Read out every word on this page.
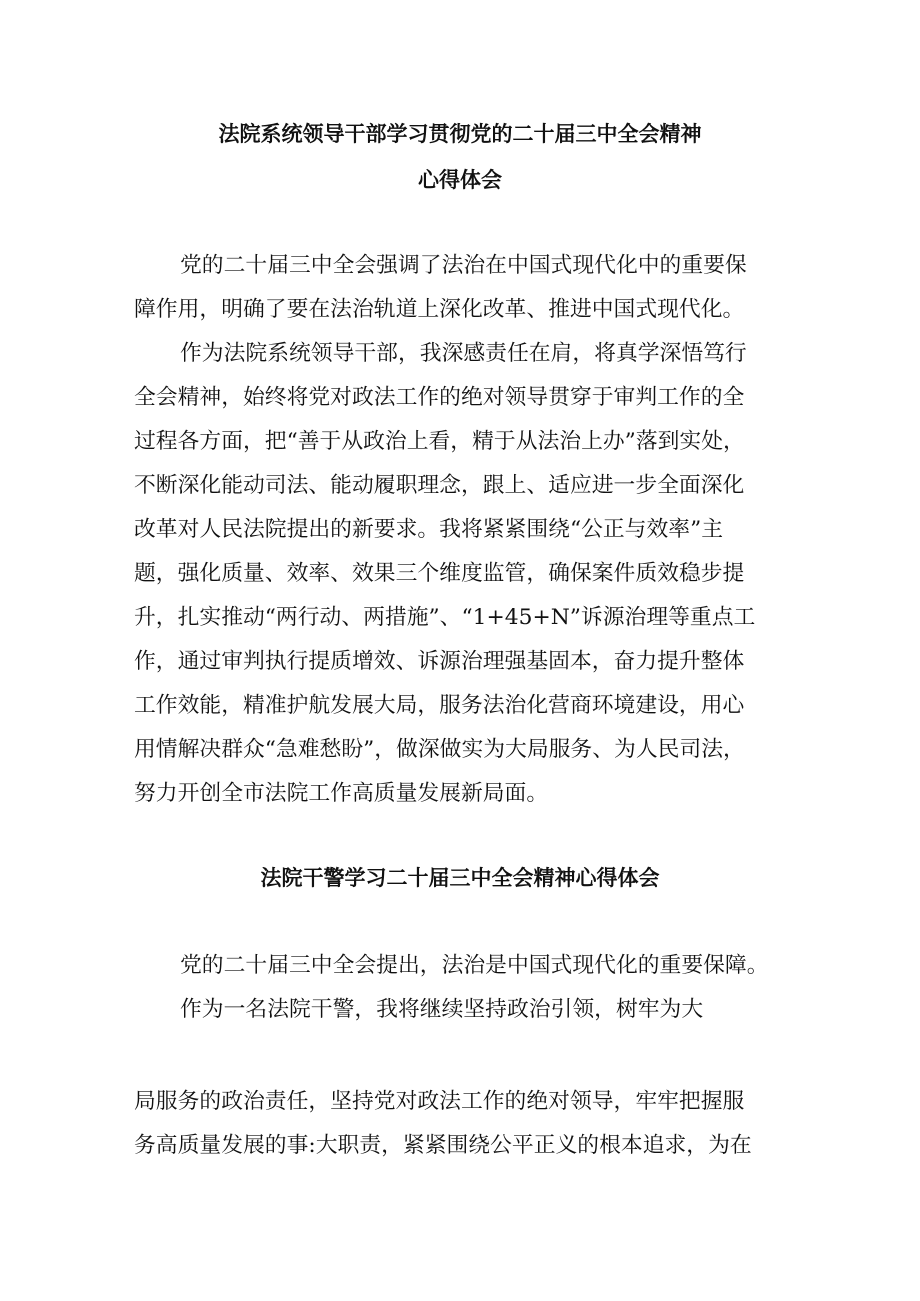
法院系统领导干部学习贯彻党的二十届三中全会精神
心得体会

党的二十届三中全会强调了法治在中国式现代化中的重要保

障作用，明确了要在法治轨道上深化改革、推进中国式现代化。

作为法院系统领导干部，我深感责任在肩，将真学深悟笃行

全会精神，始终将党对政法工作的绝对领导贯穿于审判工作的全

过程各方面，把“善于从政治上看，精于从法治上办”落到实处，

不断深化能动司法、能动履职理念，跟上、适应进一步全面深化

改革对人民法院提出的新要求。我将紧紧围绕“公正与效率”主

题，强化质量、效率、效果三个维度监管，确保案件质效稳步提

升，扎实推动“两行动、两措施”、“1+45+N”诉源治理等重点工

作，通过审判执行提质增效、诉源治理强基固本，奋力提升整体

工作效能，精准护航发展大局，服务法治化营商环境建设，用心

用情解决群众“急难愁盼”，做深做实为大局服务、为人民司法，

努力开创全市法院工作高质量发展新局面。

法院干警学习二十届三中全会精神心得体会

党的二十届三中全会提出，法治是中国式现代化的重要保障。

作为一名法院干警，我将继续坚持政治引领，树牢为大

局服务的政治责任，坚持党对政法工作的绝对领导，牢牢把握服

务高质量发展的事:大职责，紧紧围绕公平正义的根本追求，为在
